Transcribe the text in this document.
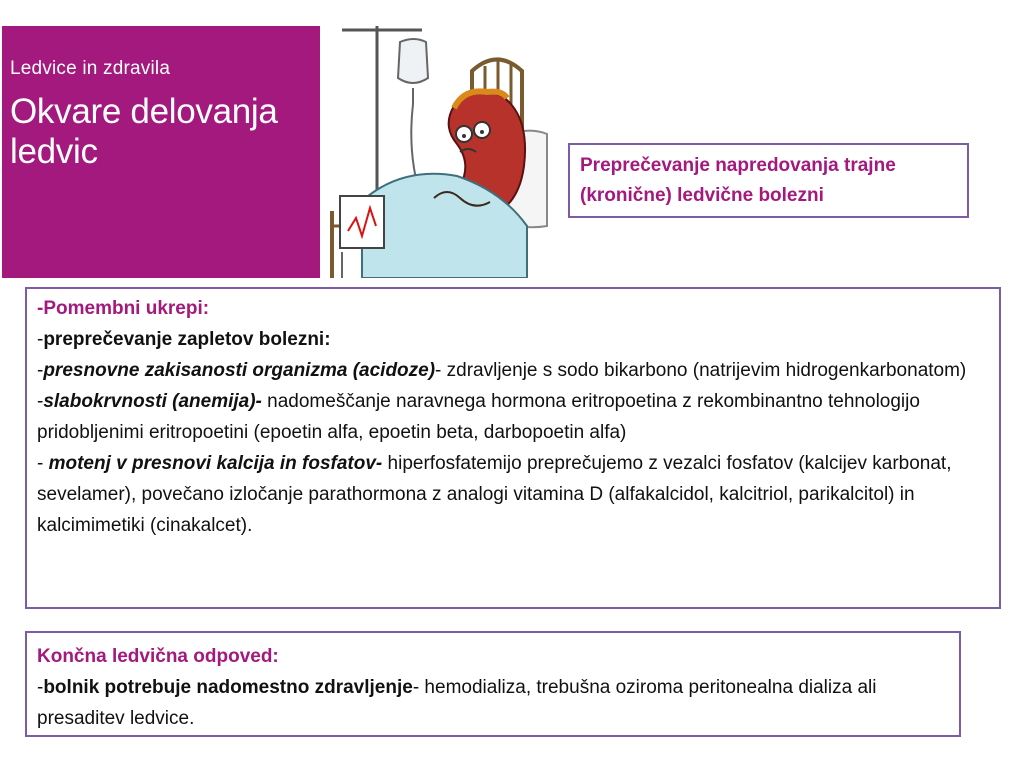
Ledvice in zdravila
Okvare delovanja
ledvic	Preprečevanje napredovanja trajne (kronične) ledvične bolezni
-Pomembni ukrepi:
-preprečevanje zapletov bolezni:
-presnovne zakisanosti organizma (acidoze)- zdravljenje s sodo bikarbono (natrijevim hidrogenkarbonatom)
-slabokrvnosti (anemija)- nadomeščanje naravnega hormona eritropoetina z rekombinantno tehnologijo pridobljenimi eritropoetini (epoetin alfa, epoetin beta, darbopoetin alfa)
- motenj v presnovi kalcija in fosfatov- hiperfosfatemijo preprečujemo z vezalci fosfatov (kalcijev karbonat, sevelamer), povečano izločanje parathormona z analogi vitamina D (alfakalcidol, kalcitriol, parikalcitol) in kalcimimetiki (cinakalcet).
Končna ledvična odpoved:
-bolnik potrebuje nadomestno zdravljenje- hemodializa, trebušna oziroma peritonealna dializa ali presaditev ledvice.
